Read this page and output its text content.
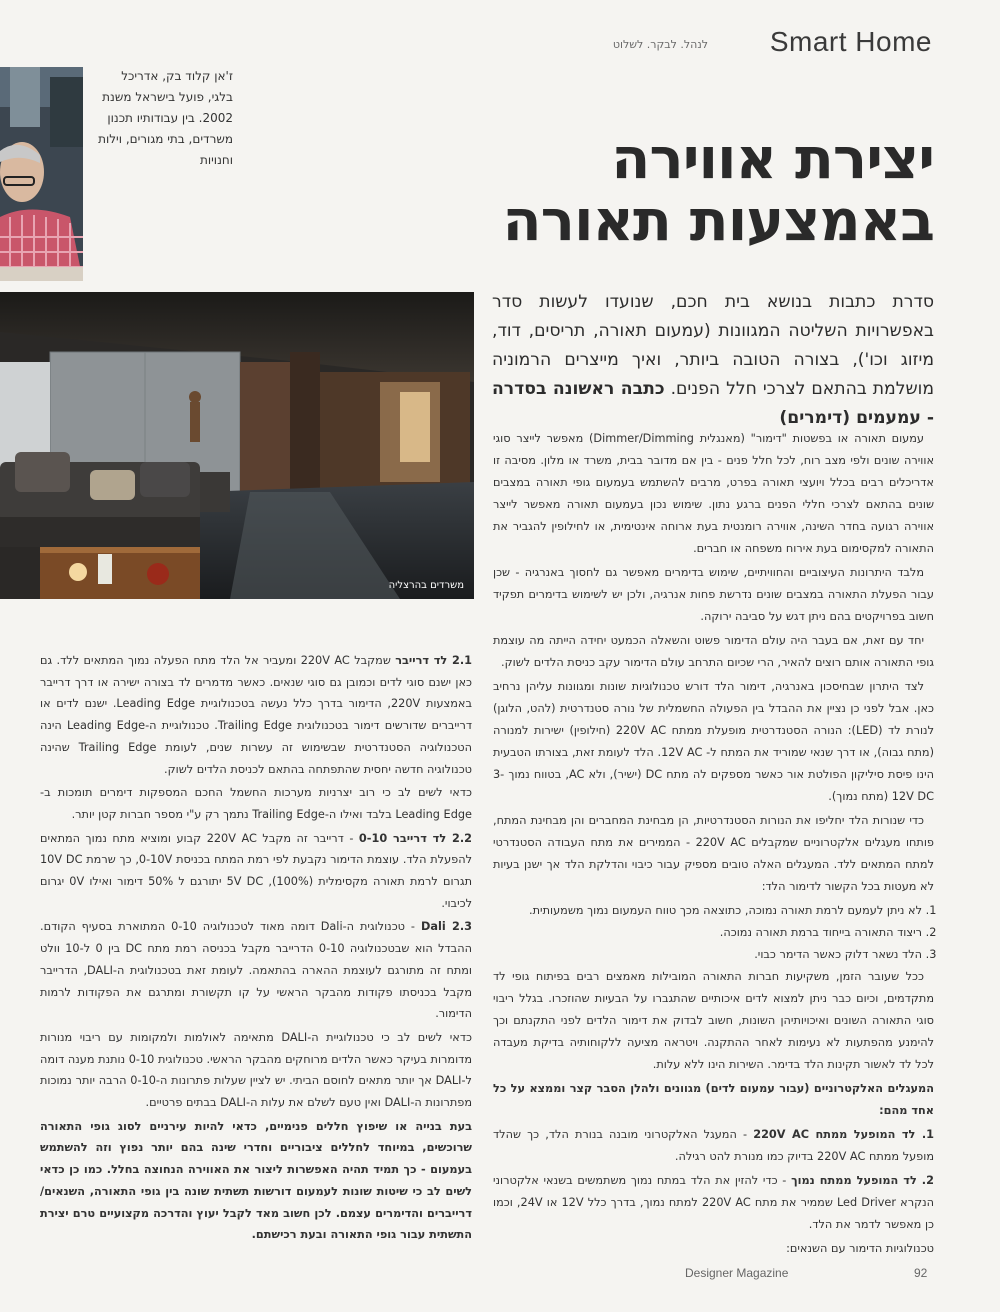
Smart Home
לנהל. לבקר. לשלוט
ז'אן קלוד בק, אדריכל בלגי, פועל בישראל משנת 2002. בין עבודותיו תכנון משרדים, בתי מגורים, וילות וחנויות	יצירת אווירה
באמצעות תאורה
משרדים בהרצליה
סדרת כתבות בנושא בית חכם, שנועדו לעשות סדר באפשרויות השליטה המגוונות (עמעום תאורה, תריסים, דוד, מיזוג וכו'), בצורה הטובה ביותר, ואיך מייצרים הרמוניה מושלמת בהתאם לצרכי חלל הפנים. כתבה ראשונה בסדרה - עמעמים (דימרים)

עמעום תאורה או בפשטות "דימור" (מאנגלית Dimmer/Dimming) מאפשר לייצר סוגי אווירה שונים ולפי מצב רוח, לכל חלל פנים - בין אם מדובר בבית, משרד או מלון. מסיבה זו אדריכלים רבים בכלל ויועצי תאורה בפרט, מרבים להשתמש בעמעום גופי תאורה במצבים שונים בהתאם לצרכי חללי הפנים ברגע נתון. שימוש נכון בעמעום תאורה מאפשר לייצר אווירה רגועה בחדר השינה, אווירה רומנטית בעת ארוחה אינטימית, או לחילופין להגביר את התאורה למקסימום בעת אירוח משפחה או חברים.

מלבד היתרונות העיצוביים והחוויתיים, שימוש בדימרים מאפשר גם לחסוך באנרגיה - שכן עבור הפעלת התאורה במצבים שונים נדרשת פחות אנרגיה, ולכן יש לשימוש בדימרים תפקיד חשוב בפרויקטים בהם ניתן דגש על סביבה ירוקה.

יחד עם זאת, אם בעבר היה עולם הדימור פשוט והשאלה הכמעט יחידה הייתה מה עוצמת גופי התאורה אותם רוצים להאיר, הרי שכיום התרחב עולם הדימור עקב כניסת הלדים לשוק.

לצד היתרון שבחיסכון באנרגיה, דימור הלד דורש טכנולוגיות שונות ומגוונות עליהן נרחיב כאן. אבל לפני כן נציין את ההבדל בין הפעולה החשמלית של נורה סטנדרטית (להט, הלוגן) לנורת לד (LED): הנורה הסטנדרטית מופעלת ממתח 220V AC (חילופין) ישירות למנורה (מתח גבוה), או דרך שנאי שמוריד את המתח ל- 12V AC. הלד לעומת זאת, בצורתו הטבעית הינו פיסת סיליקון הפולטת אור כאשר מספקים לה מתח DC (ישיר), ולא AC, בטווח נמוך 3-12V DC (מתח נמוך).

כדי שנורות הלד יחליפו את הנורות הסטנדרטיות, הן מבחינת המחברים והן מבחינת המתח, פותחו מעגלים אלקטרוניים שמקבלים 220V AC - הממירים את מתח העבודה הסטנדרטי למתח המתאים ללד. המעגלים האלה טובים מספיק עבור כיבוי והדלקת הלד אך ישנן בעיות לא מעטות בכל הקשור לדימור הלד:

1. לא ניתן לעמעם לרמת תאורה נמוכה, כתוצאה מכך טווח העמעום נמוך משמעותית.
2. ריצוד התאורה בייחוד ברמת תאורה נמוכה.
3. הלד נשאר דלוק כאשר הדימר כבוי.

ככל שעובר הזמן, משקיעות חברות התאורה המובילות מאמצים רבים בפיתוח גופי לד מתקדמים, וכיום כבר ניתן למצוא לדים איכותיים שהתגברו על הבעיות שהוזכרו. בגלל ריבוי סוגי התאורה השונים ואיכויותיהן השונות, חשוב לבדוק את דימור הלדים לפני התקנתם וכך להימנע מהפתעות לא נעימות לאחר ההתקנה. ויטראה מציעה ללקוחותיה בדיקת מעבדה לכל לד לאשור תקינות הלד בדימר. השירות הינו ללא עלות.

המעגלים האלקטרוניים (עבור עמעום לדים) מגוונים ולהלן הסבר קצר וממצא על כל אחד מהם:

1. לד המופעל ממתח 220V AC - המעגל האלקטרוני מובנה בנורת הלד, כך שהלד מופעל ממתח 220V AC בדיוק כמו מנורת להט רגילה.

2. לד המופעל ממתח נמוך - כדי להזין את הלד במתח נמוך משתמשים בשנאי אלקטרוני הנקרא Led Driver שממיר את מתח 220V AC למתח נמוך, בדרך כלל 12V או 24V, וכמו כן מאפשר לדמר את הלד.

טכנולוגיות הדימור עם השנאים:

2.1 לד דרייבר שמקבל 220V AC ומעביר אל הלד מתח הפעלה נמוך המתאים ללד. גם כאן ישנם סוגי לדים וכמובן גם סוגי שנאים. כאשר מדמרים לד בצורה ישירה או דרך דרייבר באמצעות 220V, הדימור בדרך כלל נעשה בטכנולוגיית Leading Edge. ישנם לדים או דרייברים שדורשים דימור בטכנולוגית Trailing Edge. טכנולוגיית ה-Leading Edge הינה הטכנולוגיה הסטנדרטית שבשימוש זה עשרות שנים, לעומת Trailing Edge שהינה טכנולוגיה חדשה יחסית שהתפתחה בהתאם לכניסת הלדים לשוק.

כדאי לשים לב כי רוב יצרניות מערכות החשמל החכם המספקות דימרים תומכות ב-Leading Edge בלבד ואילו ה-Trailing Edge נתמך רק ע"י מספר חברות קטן יותר.

2.2 לד דרייבר 0-10 - דרייבר זה מקבל 220V AC קבוע ומוציא מתח נמוך המתאים להפעלת הלד. עוצמת הדימור נקבעת לפי רמת המתח בכניסת 0-10V, כך שרמת 10V DC תגרום לרמת תאורה מקסימלית (100%), 5V DC יתורגם ל 50% דימור ואילו 0V יגרום לכיבוי.

Dali 2.3 - טכנולוגית ה-Dali דומה מאוד לטכנולוגיה 0-10 המתוארת בסעיף הקודם. ההבדל הוא שבטכנולוגיה 0-10 הדרייבר מקבל בכניסה רמת מתח DC בין 0 ל-10 וולט ומתח זה מתורגם לעוצמת ההארה בהתאמה. לעומת זאת בטכנולוגית ה-DALI, הדרייבר מקבל בכניסתו פקודות מהבקר הראשי על קו תקשורת ומתרגם את הפקודות לרמות הדימור.

כדאי לשים לב כי טכנולוגיית ה-DALI מתאימה לאולמות ולמקומות עם ריבוי מנורות מדומרות בעיקר כאשר הלדים מרוחקים מהבקר הראשי. טכנולוגית 0-10 נותנת מענה דומה ל-DALI אך יותר מתאים לחוסם הביתי. יש לציין שעלות פתרונות ה-0-10 הרבה יותר נמוכות מפתרונות ה-DALI ואין טעם לשלם את עלות ה-DALI בבתים פרטיים.

בעת בנייה או שיפוץ חללים פנימיים, כדאי להיות עירניים לסוג גופי התאורה שרוכשים, במיוחד לחללים ציבוריים וחדרי שינה בהם יותר נפוץ וזה להשתמש בעמעום - כך תמיד תהיה האפשרות ליצור את האווירה הנחוצה בחלל. כמו כן כדאי לשים לב כי שיטות שונות לעמעום דורשות תשתית שונה בין גופי התאורה, השנאים/ דרייברים והדימרים עצמם. לכן חשוב מאד לקבל יעוץ והדרכה מקצועיים טרם יצירת התשתית עבור גופי התאורה ובעת רכישתם.

Designer Magazine	92
